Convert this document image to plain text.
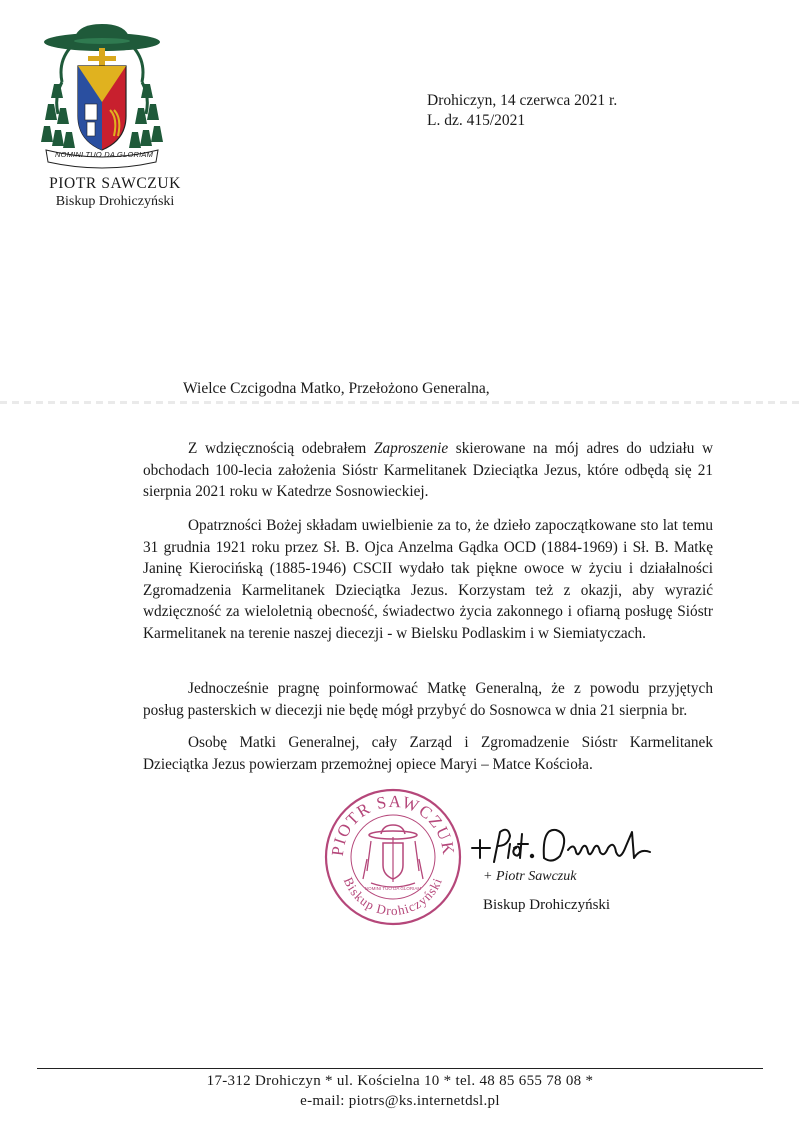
NOMINI TUO DA GLORIAM
PIOTR SAWCZUK
Biskup Drohiczyński
Drohiczyn, 14 czerwca 2021 r.
L. dz. 415/2021
Wielce Czcigodna Matko, Przełożono Generalna,

Z wdzięcznością odebrałem Zaproszenie skierowane na mój adres do udziału w obchodach 100-lecia założenia Sióstr Karmelitanek Dzieciątka Jezus, które odbędą się 21 sierpnia 2021 roku w Katedrze Sosnowieckiej.

Opatrzności Bożej składam uwielbienie za to, że dzieło zapoczątkowane sto lat temu 31 grudnia 1921 roku przez Sł. B. Ojca Anzelma Gądka OCD (1884-1969) i Sł. B. Matkę Janinę Kierocińską (1885-1946) CSCII wydało tak piękne owoce w życiu i działalności Zgromadzenia Karmelitanek Dzieciątka Jezus. Korzystam też z okazji, aby wyrazić wdzięczność za wieloletnią obecność, świadectwo życia zakonnego i ofiarną posługę Sióstr Karmelitanek na terenie naszej diecezji - w Bielsku Podlaskim i w Siemiatyczach.

Jednocześnie pragnę poinformować Matkę Generalną, że z powodu przyjętych posług pasterskich w diecezji nie będę mógł przybyć do Sosnowca w dnia 21 sierpnia br.

Osobę Matki Generalnej, cały Zarząd i Zgromadzenie Sióstr Karmelitanek Dzieciątka Jezus powierzam przemożnej opiece Maryi – Matce Kościoła.

PIOTR SAWCZUK
Biskup Drohiczyński
NOMINI TUO DA GLORIAM
+ Piotr Sawczuk
Biskup Drohiczyński
17-312 Drohiczyn * ul. Kościelna 10 * tel. 48 85 655 78 08 *
e-mail: piotrs@ks.internetdsl.pl
